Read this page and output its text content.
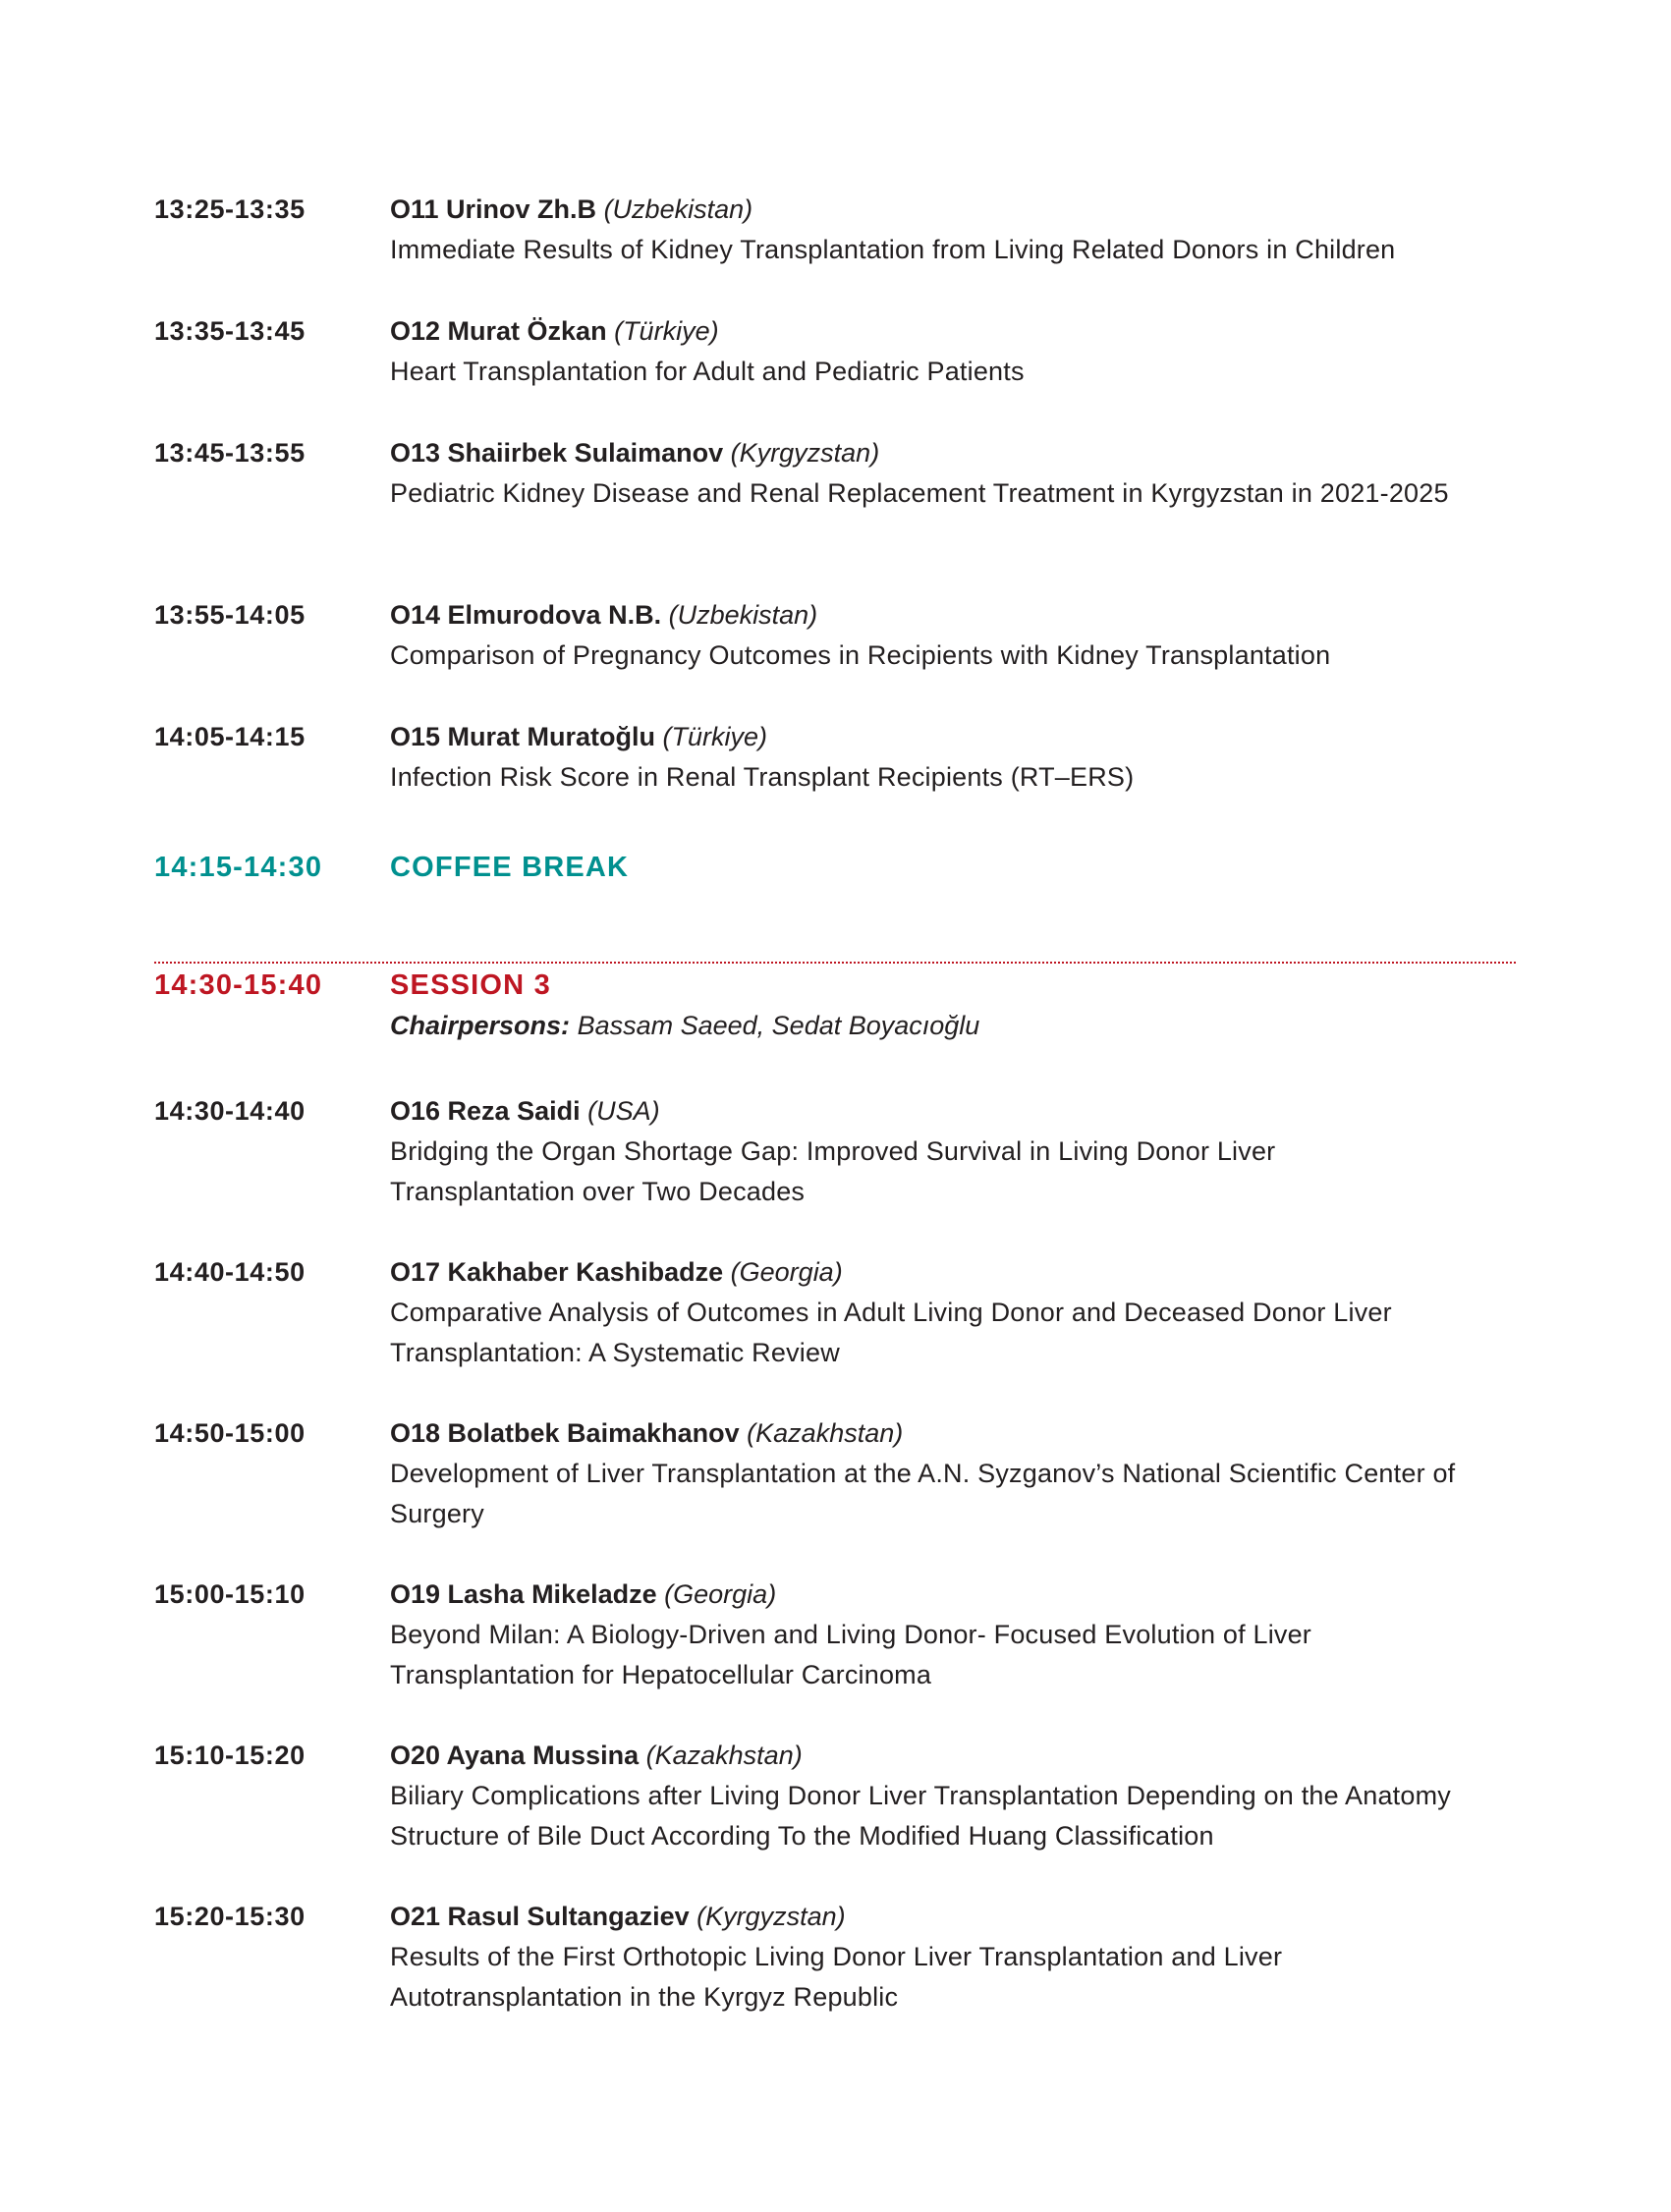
13:25-13:35	O11 Urinov Zh.B (Uzbekistan)
Immediate Results of Kidney Transplantation from Living Related Donors in Children
13:35-13:45	O12 Murat Özkan (Türkiye)
Heart Transplantation for Adult and Pediatric Patients
13:45-13:55	O13 Shaiirbek Sulaimanov (Kyrgyzstan)
Pediatric Kidney Disease and Renal Replacement Treatment in Kyrgyzstan in 2021-2025
13:55-14:05	O14 Elmurodova N.B. (Uzbekistan)
Comparison of Pregnancy Outcomes in Recipients with Kidney Transplantation
14:05-14:15	O15 Murat Muratoğlu (Türkiye)
Infection Risk Score in Renal Transplant Recipients (RT–ERS)
14:15-14:30 COFFEE BREAK
14:30-15:40 SESSION 3
Chairpersons: Bassam Saeed, Sedat Boyacıoğlu
14:30-14:40	O16 Reza Saidi (USA)
Bridging the Organ Shortage Gap: Improved Survival in Living Donor Liver Transplantation over Two Decades
14:40-14:50	O17 Kakhaber Kashibadze (Georgia)
Comparative Analysis of Outcomes in Adult Living Donor and Deceased Donor Liver Transplantation: A Systematic Review
14:50-15:00	O18 Bolatbek Baimakhanov (Kazakhstan)
Development of Liver Transplantation at the A.N. Syzganov’s National Scientific Center of Surgery
15:00-15:10	O19 Lasha Mikeladze (Georgia)
Beyond Milan: A Biology-Driven and Living Donor- Focused Evolution of Liver Transplantation for Hepatocellular Carcinoma
15:10-15:20	O20 Ayana Mussina (Kazakhstan)
Biliary Complications after Living Donor Liver Transplantation Depending on the Anatomy Structure of Bile Duct According To the Modified Huang Classification
15:20-15:30	O21 Rasul Sultangaziev (Kyrgyzstan)
Results of the First Orthotopic Living Donor Liver Transplantation and Liver Autotransplantation in the Kyrgyz Republic
